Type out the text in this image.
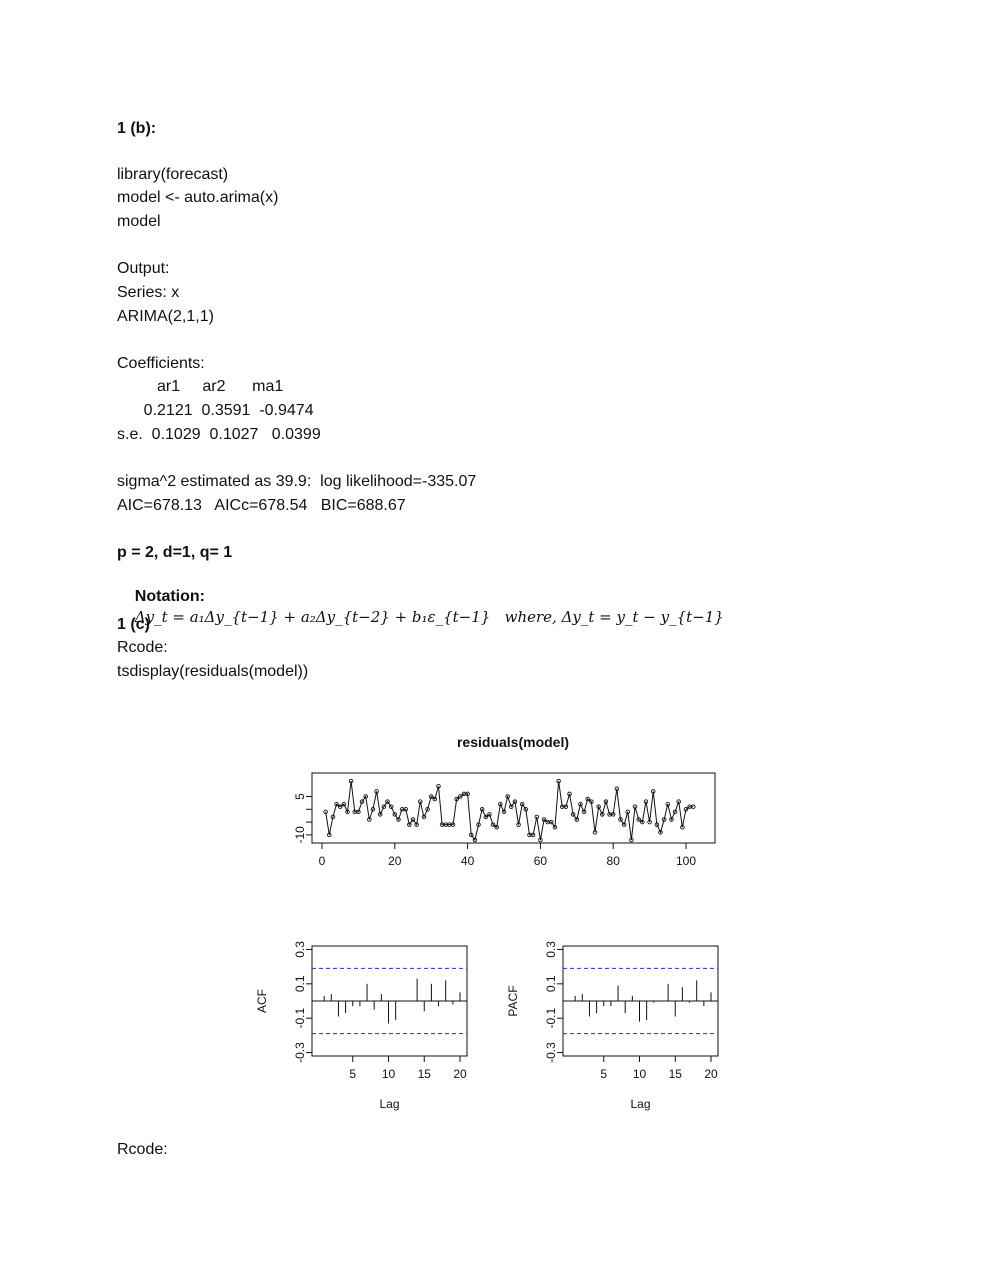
1 (b):
library(forecast)
model <- auto.arima(x)
model
Output:
Series: x
ARIMA(2,1,1)
Coefficients:
ar1     ar2      ma1
0.2121  0.3591  -0.9474
s.e.  0.1029  0.1027   0.0399
sigma^2 estimated as 39.9:  log likelihood=-335.07
AIC=678.13   AICc=678.54   BIC=688.67
p = 2, d=1, q= 1

Notation:
Δy_t = a₁Δy_{t−1} + a₂Δy_{t−2} + b₁ε_{t−1}   where, Δy_t = y_t − y_{t−1}

1 (c)
Rcode:
tsdisplay(residuals(model))
residuals(model)
0	20	40	60	80	100
-10
5
5 10 15 20
-0.3
-0.1
0.1
0.3
Lag
ACF
5 10 15 20
-0.3
-0.1
0.1
0.3
Lag
PACF
Rcode:
